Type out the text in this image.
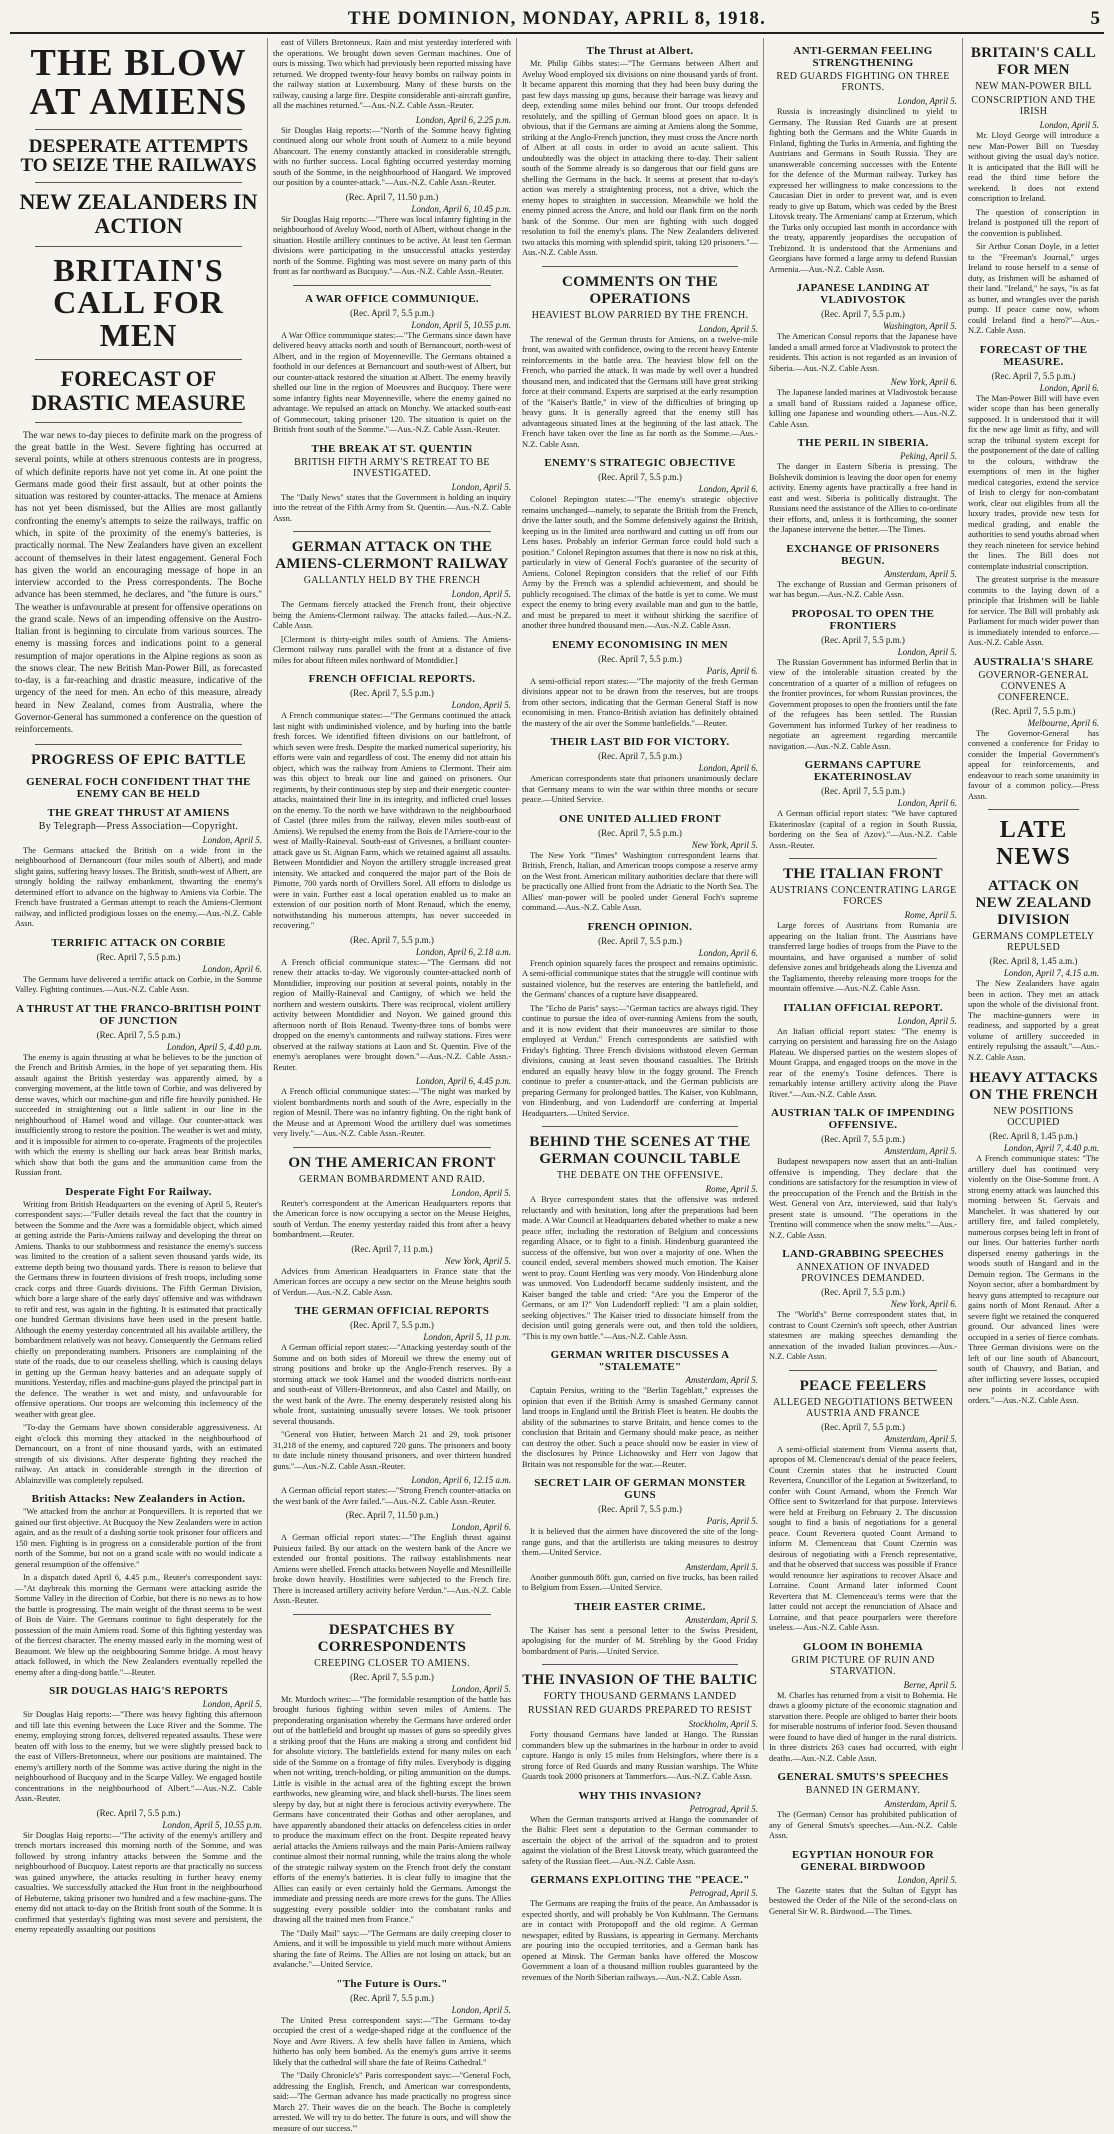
THE DOMINION, MONDAY, APRIL 8, 1918.	5
THE BLOW AT AMIENS
DESPERATE ATTEMPTS TO SEIZE THE RAILWAYS
NEW ZEALANDERS IN ACTION
BRITAIN'S CALL FOR MEN
FORECAST OF DRASTIC MEASURE

The war news to-day pieces to definite mark on the progress of the great battle in the West. Severe fighting has occurred at several points, while at others strenuous contests are in progress, of which definite reports have not yet come in. At one point the Germans made good their first assault, but at other points the situation was restored by counter-attacks. The menace at Amiens has not yet been dismissed, but the Allies are most gallantly confronting the enemy's attempts to seize the railways, traffic on which, in spite of the proximity of the enemy's batteries, is practically normal. The New Zealanders have given an excellent account of themselves in their latest engagement. General Foch has given the world an encouraging message of hope in an interview accorded to the Press correspondents. The Boche advance has been stemmed, he declares, and "the future is ours." The weather is unfavourable at present for offensive operations on the grand scale. News of an impending offensive on the Austro-Italian front is beginning to circulate from various sources. The enemy is massing forces and indications point to a general resumption of major operations in the Alpine regions as soon as the snows clear. The new British Man-Power Bill, as forecasted to-day, is a far-reaching and drastic measure, indicative of the urgency of the need for men. An echo of this measure, already heard in New Zealand, comes from Australia, where the Governor-General has summoned a conference on the question of reinforcements.

PROGRESS OF EPIC BATTLE
GENERAL FOCH CONFIDENT THAT THE ENEMY CAN BE HELD
THE GREAT THRUST AT AMIENS
By Telegraph—Press Association—Copyright.
London, April 5.

The Germans attacked the British on a wide front in the neighbourhood of Dernancourt (four miles south of Albert), and made slight gains, suffering heavy losses. The British, south-west of Albert, are strongly holding the railway embankment, thwarting the enemy's determined effort to advance on the highway to Amiens via Corbie. The French have frustrated a German attempt to reach the Amiens-Clermont railway, and inflicted prodigious losses on the enemy.—Aus.-N.Z. Cable Assn.

TERRIFIC ATTACK ON CORBIE
(Rec. April 7, 5.5 p.m.)
London, April 6.

The Germans have delivered a terrific attack on Corbie, in the Somme Valley. Fighting continues.—Aus.-N.Z. Cable Assn.

A THRUST AT THE FRANCO-BRITISH POINT OF JUNCTION
(Rec. April 7, 5.5 p.m.)
London, April 5, 4.40 p.m.

The enemy is again thrusting at what he believes to be the junction of the French and British Armies, in the hope of yet separating them. His assault against the British yesterday was apparently aimed, by a converging movement, at the little town of Corbie, and was delivered by dense waves, which our machine-gun and rifle fire heavily punished. He succeeded in straightening out a little salient in our line in the neighbourhood of Hamel wood and village. Our counter-attack was insufficiently strong to restore the position. The weather is wet and misty, and it is impossible for airmen to co-operate. Fragments of the projectiles with which the enemy is shelling our back areas bear British marks, which show that both the guns and the ammunition came from the Russian front.

Desperate Fight For Railway.

Writing from British Headquarters on the evening of April 5, Reuter's correspondent says:—"Fuller details reveal the fact that the country in between the Somme and the Avre was a formidable object, which aimed at getting astride the Paris-Amiens railway and developing the threat on Amiens. Thanks to our stubbornness and resistance the enemy's success was limited to the creation of a salient seven thousand yards wide, its extreme depth being two thousand yards. There is reason to believe that the Germans threw in fourteen divisions of fresh troops, including some crack corps and three Guards divisions. The Fifth German Division, which bore a large share of the early days' offensive and was withdrawn to refit and rest, was again in the fighting. It is estimated that practically one hundred German divisions have been used in the present battle. Although the enemy yesterday concentrated all his available artillery, the bombardment relatively was not heavy. Consequently the Germans relied chiefly on preponderating numbers. Prisoners are complaining of the state of the roads, due to our ceaseless shelling, which is causing delays in getting up the German heavy batteries and an adequate supply of munitions. Yesterday, rifles and machine-guns played the principal part in the defence. The weather is wet and misty, and unfavourable for offensive operations. Our troops are welcoming this inclemency of the weather with great glee.

"To-day the Germans have shown considerable aggressiveness. At eight o'clock this morning they attacked in the neighbourhood of Dernancourt, on a front of nine thousand yards, with an estimated strength of six divisions. After desperate fighting they reached the railway. An attack in considerable strength in the direction of Ablainzville was completely repulsed.

British Attacks: New Zealanders in Action.

"We attacked from the anchor at Ponquevillers. It is reported that we gained our first objective. At Bucquoy the New Zealanders were in action again, and as the result of a dashing sortie took prisoner four officers and 150 men. Fighting is in progress on a considerable portion of the front north of the Somme, but not on a grand scale with no would indicate a general resumption of the offensive."

In a dispatch dated April 6, 4.45 p.m., Reuter's correspondent says:—"At daybreak this morning the Germans were attacking astride the Somme Valley in the direction of Corbie, but there is no news as to how the battle is progressing. The main weight of the thrust seems to be west of Bois de Vaire. The Germans continue to fight desperately for the possession of the main Amiens road. Some of this fighting yesterday was of the fiercest character. The enemy massed early in the morning west of Beaumont. We blew up the neighbouring Somme bridge. A most heavy attack followed, in which the New Zealanders eventually repelled the enemy after a ding-dong battle."—Reuter.

SIR DOUGLAS HAIG'S REPORTS
London, April 5.

Sir Douglas Haig reports:—"There was heavy fighting this afternoon and till late this evening between the Luce River and the Somme. The enemy, employing strong forces, delivered repeated assaults. These were beaten off with loss to the enemy, but we were slightly pressed back to the east of Villers-Bretonneux, where our positions are maintained. The enemy's artillery north of the Somme was active during the night in the neighbourhood of Bucquoy and in the Scarpe Valley. We engaged hostile concentrations in the neighbourhood of Albert."—Aus.-N.Z. Cable Assn.-Reuter.

(Rec. April 7, 5.5 p.m.)
London, April 5, 10.55 p.m.

Sir Douglas Haig reports:—"The activity of the enemy's artillery and trench mortars increased this morning north of the Somme, and was followed by strong infantry attacks between the Somme and the neighbourhood of Bucquoy. Latest reports are that practically no success was gained anywhere, the attacks resulting in further heavy enemy casualties. We successfully attacked the Hun front in the neighbourhood of Hebuterne, taking prisoner two hundred and a few machine-guns. The enemy did not attack to-day on the British front south of the Somme. It is confirmed that yesterday's fighting was most severe and persistent, the enemy repeatedly assaulting our positions

east of Villers Bretonneux. Rain and mist yesterday interfered with the operations. We brought down seven German machines. One of ours is missing. Two which had previously been reported missing have returned. We dropped twenty-four heavy bombs on railway points in the railway station at Luxembourg. Many of these bursts on the railway, causing a large fire. Despite considerable anti-aircraft gunfire, all the machines returned."—Aus.-N.Z. Cable Assn.-Reuter.

London, April 6, 2.25 p.m.

Sir Douglas Haig reports:—"North of the Somme heavy fighting continued along our whole front south of Aumetz to a mile beyond Abancourt. The enemy constantly attacked in considerable strength, with no further success. Local fighting occurred yesterday morning south of the Somme, in the neighbourhood of Hangard. We improved our position by a counter-attack."—Aus.-N.Z. Cable Assn.-Reuter.

(Rec. April 7, 11.50 p.m.)
London, April 6, 10.45 p.m.

Sir Douglas Haig reports:—"There was local infantry fighting in the neighbourhood of Aveluy Wood, north of Albert, without change in the situation. Hostile artillery continues to be active. At least ten German divisions were participating in the unsuccessful attacks yesterday north of the Somme. Fighting was most severe on many parts of this front as far northward as Bucquoy."—Aus.-N.Z. Cable Assn.-Reuter.

A WAR OFFICE COMMUNIQUE.
(Rec. April 7, 5.5 p.m.)
London, April 5, 10.55 p.m.

A War Office communique states:—"The Germans since dawn have delivered heavy attacks north and south of Bernancourt, north-west of Albert, and in the region of Moyenneville. The Germans obtained a foothold in our defences at Bernancourt and south-west of Albert, but our counter-attack restored the situation at Albert. The enemy heavily shelled our line in the region of Moeuvres and Bucquoy. There were some infantry fights near Moyenneville, where the enemy gained no advantage. We repulsed an attack on Monchy. We attacked south-east of Gommecourt, taking prisoner 120. The situation is quiet on the British front south of the Somme."—Aus.-N.Z. Cable Assn.-Reuter.

THE BREAK AT ST. QUENTIN
BRITISH FIFTH ARMY'S RETREAT TO BE INVESTIGATED.
London, April 5.

The "Daily News" states that the Government is holding an inquiry into the retreat of the Fifth Army from St. Quentin.—Aus.-N.Z. Cable Assn.

GERMAN ATTACK ON THE AMIENS-CLERMONT RAILWAY
GALLANTLY HELD BY THE FRENCH
London, April 5.

The Germans fiercely attacked the French front, their objective being the Amiens-Clermont railway. The attacks failed.—Aus.-N.Z. Cable Assn.

[Clermont is thirty-eight miles south of Amiens. The Amiens-Clermont railway runs parallel with the front at a distance of five miles for about fifteen miles northward of Montdidier.]

FRENCH OFFICIAL REPORTS.
(Rec. April 7, 5.5 p.m.)
London, April 5.

A French communique states:—"The Germans continued the attack last night with undiminished violence, and by hurling into the battle fresh forces. We identified fifteen divisions on our battlefront, of which seven were fresh. Despite the marked numerical superiority, his efforts were vain and regardless of cost. The enemy did not attain his object, which was the railway from Amiens to Clermont. Their aim was this object to break our line and gained on prisoners. Our regiments, by their continuous step by step and their energetic counter-attacks, maintained their line in its integrity, and inflicted cruel losses on the enemy. To the north we have withdrawn to the neighbourhood of Castel (three miles from the railway, eleven miles south-east of Amiens). We repulsed the enemy from the Bois de l'Arriere-cour to the west of Mailly-Raineval. South-east of Grivesnes, a brilliant counter-attack gave us St. Aignan Farm, which we retained against all assaults. Between Montdidier and Noyon the artillery struggle increased great intensity. We attacked and conquered the major part of the Bois de Pimotte, 700 yards north of Orvillers Sorel. All efforts to dislodge us were in vain. Further east a local operation enabled us to make an extension of our position north of Mont Renaud, which the enemy, notwithstanding his numerous attempts, has never succeeded in recovering."

(Rec. April 7, 5.5 p.m.)
London, April 6, 2.18 a.m.

A French official communique states:—"The Germans did not renew their attacks to-day. We vigorously counter-attacked north of Montdidier, improving our position at several points, notably in the region of Mailly-Raineval and Cantigny, of which we held the northern and western outskirts. There was reciprocal, violent artillery activity between Montdidier and Noyon. We gained ground this afternoon north of Bois Renaud. Twenty-three tons of bombs were dropped on the enemy's cantonments and railway stations. Fires were observed at the railway stations at Laon and St. Quentin. Five of the enemy's aeroplanes were brought down."—Aus.-N.Z. Cable Assn.-Reuter.

London, April 6, 4.45 p.m.

A French official communique states:—"The night was marked by violent bombardments north and south of the Avre, especially in the region of Mesnil. There was no infantry fighting. On the right bank of the Meuse and at Apremont Wood the artillery duel was sometimes very lively."—Aus.-N.Z. Cable Assn.-Reuter.

ON THE AMERICAN FRONT
GERMAN BOMBARDMENT AND RAID.
London, April 5.

Reuter's correspondent at the American Headquarters reports that the American force is now occupying a sector on the Meuse Heights, south of Verdun. The enemy yesterday raided this front after a heavy bombardment.—Reuter.

(Rec. April 7, 11 p.m.)
New York, April 5.

Advices from American Headquarters in France state that the American forces are occupy a new sector on the Meuse heights south of Verdun.—Aus.-N.Z. Cable Assn.

THE GERMAN OFFICIAL REPORTS
(Rec. April 7, 5.5 p.m.)
London, April 5, 11 p.m.

A German official report states:—"Attacking yesterday south of the Somme and on both sides of Moreuil we threw the enemy out of strong positions and broke up the Anglo-French reserves. By a storming attack we took Hamel and the wooded districts north-east and south-east of Villers-Bretonneux, and also Castel and Mailly, on the west bank of the Avre. The enemy desperately resisted along his whole front, sustaining unusually severe losses. We took prisoner several thousands.

"General von Hutier, between March 21 and 29, took prisoner 31,218 of the enemy, and captured 720 guns. The prisoners and booty to date include ninety thousand prisoners, and over thirteen hundred guns."—Aus.-N.Z. Cable Assn.-Reuter.

London, April 6, 12.15 a.m.

A German official report states:—"Strong French counter-attacks on the west bank of the Avre failed."—Aus.-N.Z. Cable Assn.-Reuter.

(Rec. April 7, 11.50 p.m.)
London, April 6.

A German official report states:—"The English thrust against Puisieux failed. By our attack on the western bank of the Ancre we extended our frontal positions. The railway establishments near Amiens were shelled. French attacks between Noyelle and Mesnilleille broke down heavily. Hostilities were subjected to the French fire. There is increased artillery activity before Verdun."—Aus.-N.Z. Cable Assn.-Reuter.

DESPATCHES BY CORRESPONDENTS
CREEPING CLOSER TO AMIENS.
(Rec. April 7, 5.5 p.m.)
London, April 5.

Mr. Murdoch writes:—"The formidable resumption of the battle has brought furious fighting within seven miles of Amiens. The preponderating organisation whereby the Germans have ordered order out of the battlefield and brought up masses of guns so speedily gives a striking proof that the Huns are making a strong and confident bid for absolute victory. The battlefields extend for many miles on each side of the Somme on a frontage of fifty miles. Everybody is digging when not writing, trench-holding, or piling ammunition on the dumps. Little is visible in the actual area of the fighting except the brown earthworks, new gleaming wire, and black shell-bursts. The lines seem sleepy by day, but at night there is ferocious activity everywhere. The Germans have concentrated their Gothas and other aeroplanes, and have apparently abandoned their attacks on defenceless cities in order to produce the maximum effect on the front. Despite repeated heavy aerial attacks the Amiens railways and the main Paris-Amiens railway continue almost their normal running, while the trains along the whole of the strategic railway system on the French front defy the constant efforts of the enemy's batteries. It is clear fully to imagine that the Allies can easily or even certainly hold the Germans. Amongst the immediate and pressing needs are more crews for the guns. The Allies suggesting every possible soldier into the combatant ranks and drawing all the trained men from France."

The "Daily Mail" says:—"The Germans are daily creeping closer to Amiens, and it will be impossible to yield much more without Amiens sharing the fate of Reims. The Allies are not losing on attack, but an avalanche."—United Service.

"The Future is Ours."
(Rec. April 7, 5.5 p.m.)
London, April 5.

The United Press correspondent says:—"The Germans to-day occupied the crest of a wedge-shaped ridge at the confluence of the Noye and Avre Rivers. A few shells have fallen in Amiens, which hitherto has only been bombed. As the enemy's guns arrive it seems likely that the cathedral will share the fate of Reims Cathedral."

The "Daily Chronicle's" Paris correspondent says:—"General Foch, addressing the English, French, and American war correspondents, said:—'The German advance has made practically no progress since March 27. Their waves die on the beach. The Boche is completely arrested. We will try to do better. The future is ours, and will show the measure of our success.'"

The Thrust at Albert.

Mr. Philip Gibbs states:—"The Germans between Albert and Aveluy Wood employed six divisions on nine thousand yards of front. It became apparent this morning that they had been busy during the past few days massing up guns, because their barrage was heavy and deep, extending some miles behind our front. Our troops defended resolutely, and the spilling of German blood goes on apace. It is obvious, that if the Germans are aiming at Amiens along the Somme, striking at the Anglo-French junction, they must cross the Ancre north of Albert at all costs in order to avoid an acute salient. This undoubtedly was the object in attacking there to-day. Their salient south of the Somme already is so dangerous that our field guns are shelling the Germans in the back. It seems at present that to-day's action was merely a straightening process, not a drive, which the enemy hopes to straighten in succession. Meanwhile we hold the enemy pinned across the Ancre, and hold our flank firm on the north bank of the Somme. Our men are fighting with such dogged resolution to foil the enemy's plans. The New Zealanders delivered two attacks this morning with splendid spirit, taking 120 prisoners."—Aus.-N.Z. Cable Assn.

COMMENTS ON THE OPERATIONS
HEAVIEST BLOW PARRIED BY THE FRENCH.
London, April 5.

The renewal of the German thrusts for Amiens, on a twelve-mile front, was awaited with confidence, owing to the recent heavy Entente reinforcements in the battle area. The heaviest blow fell on the French, who parried the attack. It was made by well over a hundred thousand men, and indicated that the Germans still have great striking force at their command. Experts are surprised at the early resumption of the "Kaiser's Battle," in view of the difficulties of bringing up heavy guns. It is generally agreed that the enemy still has advantageous situated lines at the beginning of the last attack. The French have taken over the line as far north as the Somme.—Aus.-N.Z. Cable Assn.

ENEMY'S STRATEGIC OBJECTIVE
(Rec. April 7, 5.5 p.m.)
London, April 6.

Colonel Repington states:—"The enemy's strategic objective remains unchanged—namely, to separate the British from the French, drive the latter south, and the Somme defensively against the British, keeping us in the limited area northward and cutting us off from our Lens bases. Probably an inferior German force could hold such a position." Colonel Repington assumes that there is now no risk at this, particularly in view of General Foch's guarantee of the security of Amiens. Colonel Repington considers that the relief of our Fifth Army by the French was a splendid achievement, and should be publicly recognised. The climax of the battle is yet to come. We must expect the enemy to bring every available man and gun to the battle, and must be prepared to meet it without shirking the sacrifice of another three hundred thousand men.—Aus.-N.Z. Cable Assn.

ENEMY ECONOMISING IN MEN
(Rec. April 7, 5.5 p.m.)
Paris, April 6.

A semi-official report states:—"The majority of the fresh German divisions appear not to be drawn from the reserves, but are troops from other sectors, indicating that the German General Staff is now economising in men. Franco-British aviation has definitely obtained the mastery of the air over the Somme battlefields."—Reuter.

THEIR LAST BID FOR VICTORY.
(Rec. April 7, 5.5 p.m.)
London, April 6.

American correspondents state that prisoners unanimously declare that Germany means to win the war within three months or secure peace.—United Service.

ONE UNITED ALLIED FRONT
(Rec. April 7, 5.5 p.m.)
New York, April 5.

The New York "Times" Washington correspondent learns that British, French, Italian, and American troops compose a reserve army on the West front. American military authorities declare that there will be practically one Allied front from the Adriatic to the North Sea. The Allies' man-power will be pooled under General Foch's supreme command.—Aus.-N.Z. Cable Assn.

FRENCH OPINION.
(Rec. April 7, 5.5 p.m.)
London, April 6.

French opinion squarely faces the prospect and remains optimistic. A semi-official communique states that the struggle will continue with sustained violence, but the reserves are entering the battlefield, and the Germans' chances of a rupture have disappeared.

The "Echo de Paris" says:—"German tactics are always rigid. They continue to pursue the idea of over-running Amiens from the south, and it is now evident that their manoeuvres are similar to those employed at Verdun." French correspondents are satisfied with Friday's fighting. Three French divisions withstood eleven German divisions, causing at least seven thousand casualties. The British endured an equally heavy blow in the foggy ground. The French continue to prefer a counter-attack, and the German publicists are preparing Germany for prolonged battles. The Kaiser, von Kuhlmann, von Hindenburg, and von Ludendorff are conferring at Imperial Headquarters.—United Service.

BEHIND THE SCENES AT THE GERMAN COUNCIL TABLE
THE DEBATE ON THE OFFENSIVE.
Rome, April 5.

A Bryce correspondent states that the offensive was ordered reluctantly and with hesitation, long after the preparations had been made. A War Council at Headquarters debated whether to make a new peace offer, including the restoration of Belgium and concessions regarding Alsace, or to fight to a finish. Hindenburg guaranteed the success of the offensive, but won over a majority of one. When the council ended, several members showed much emotion. The Kaiser went to pray. Count Hertling was very moody. Von Hindenburg alone was unmoved. Von Ludendorff became suddenly insistent, and the Kaiser banged the table and cried: "Are you the Emperor of the Germans, or am I?" Von Ludendorff replied: "I am a plain soldier, seeking objectives." The Kaiser tried to dissociate himself from the decision until going generals were out, and then told the soldiers, "This is my own battle."—Aus.-N.Z. Cable Assn.

GERMAN WRITER DISCUSSES A "STALEMATE"
Amsterdam, April 5.

Captain Persius, writing to the "Berlin Tageblatt," expresses the opinion that even if the British Army is smashed Germany cannot land troops in England until the British Fleet is beaten. He doubts the ability of the submarines to starve Britain, and hence comes to the conclusion that Britain and Germany should make peace, as neither can destroy the other. Such a peace should now be easier in view of the disclosures by Prince Lichnowsky and Herr von Jagow that Britain was not responsible for the war.—Reuter.

SECRET LAIR OF GERMAN MONSTER GUNS
(Rec. April 7, 5.5 p.m.)
Paris, April 5.

It is believed that the airmen have discovered the site of the long-range guns, and that the artillerists are taking measures to destroy them.—United Service.

Amsterdam, April 5.

Another gunmouth 80ft. gun, carried on five trucks, has been railed to Belgium from Essen.—United Service.

THEIR EASTER CRIME.
Amsterdam, April 5.

The Kaiser has sent a personal letter to the Swiss President, apologising for the murder of M. Strebling by the Good Friday bombardment of Paris.—United Service.

THE INVASION OF THE BALTIC
FORTY THOUSAND GERMANS LANDED
RUSSIAN RED GUARDS PREPARED TO RESIST
Stockholm, April 5.

Forty thousand Germans have landed at Hango. The Russian commanders blew up the submarines in the harbour in order to avoid capture. Hango is only 15 miles from Helsingfors, where there is a strong force of Red Guards and many Russian warships. The White Guards took 2000 prisoners at Tammerfors.—Aus.-N.Z. Cable Assn.

WHY THIS INVASION?
Petrograd, April 5.

When the German transports arrived at Hango the commander of the Baltic Fleet sent a deputation to the German commander to ascertain the object of the arrival of the squadron and to protest against the violation of the Brest Litovsk treaty, which guaranteed the safety of the Russian fleet.—Aus.-N.Z. Cable Assn.

GERMANS EXPLOITING THE "PEACE."
Petrograd, April 5.

The Germans are reaping the fruits of the peace. An Ambassador is expected shortly, and will probably be Von Kuhlmann. The Germans are in contact with Protopopoff and the old regime. A German newspaper, edited by Russians, is appearing in Germany. Merchants are pouring into the occupied territories, and a German bank has opened at Minsk. The German banks have offered the Moscow Government a loan of a thousand million roubles guaranteed by the revenues of the North Siberian railways.—Aus.-N.Z. Cable Assn.

ANTI-GERMAN FEELING STRENGTHENING
RED GUARDS FIGHTING ON THREE FRONTS.
London, April 5.

Russia is increasingly disinclined to yield to Germany. The Russian Red Guards are at present fighting both the Germans and the White Guards in Finland, fighting the Turks in Armenia, and fighting the Austrians and Germans in South Russia. They are unanswerable concerning successes with the Entente for the defence of the Murman railway. Turkey has expressed her willingness to make concessions to the Caucasian Diet in order to prevent war, and is even ready to give up Batum, which was ceded by the Brest Litovsk treaty. The Armenians' camp at Erzerum, which the Turks only occupied last month in accordance with the treaty, apparently jeopardises the occupation of Trebizond. It is understood that the Armenians and Georgians have formed a large army to defend Russian Armenia.—Aus.-N.Z. Cable Assn.

JAPANESE LANDING AT VLADIVOSTOK
(Rec. April 7, 5.5 p.m.)
Washington, April 5.

The American Consul reports that the Japanese have landed a small armed force at Vladivostok to protect the residents. This action is not regarded as an invasion of Siberia.—Aus.-N.Z. Cable Assn.

New York, April 6.

The Japanese landed marines at Vladivostok because a small band of Russians raided a Japanese office, killing one Japanese and wounding others.—Aus.-N.Z. Cable Assn.

THE PERIL IN SIBERIA.
Peking, April 5.

The danger in Eastern Siberia is pressing. The Bolshevik dominion is leaving the door open for enemy activity. Enemy agents have practically a free hand in east and west. Siberia is politically distraught. The Russians need the assistance of the Allies to co-ordinate their efforts, and, unless it is forthcoming, the sooner the Japanese intervene the better.—The Times.

EXCHANGE OF PRISONERS BEGUN.
Amsterdam, April 5.

The exchange of Russian and German prisoners of war has begun.—Aus.-N.Z. Cable Assn.

PROPOSAL TO OPEN THE FRONTIERS
(Rec. April 7, 5.5 p.m.)
London, April 5.

The Russian Government has informed Berlin that in view of the intolerable situation created by the concentration of a quarter of a million of refugees on the frontier provinces, for whom Russian provinces, the Government proposes to open the frontiers until the fate of the refugees has been settled. The Russian Government has informed Turkey of her readiness to negotiate an agreement regarding mercantile navigation.—Aus.-N.Z. Cable Assn.

GERMANS CAPTURE EKATERINOSLAV
(Rec. April 7, 5.5 p.m.)
London, April 6.

A German official report states: "We have captured Ekaterinoslav (capital of a region in South Russia, bordering on the Sea of Azov)."—Aus.-N.Z. Cable Assn.-Reuter.

THE ITALIAN FRONT
AUSTRIANS CONCENTRATING LARGE FORCES
Rome, April 5.

Large forces of Austrians from Rumania are appearing on the Italian front. The Austrians have transferred large bodies of troops from the Piave to the mountains, and have organised a number of solid defensive zones and bridgeheads along the Livenza and the Tagliamento, thereby releasing more troops for the mountain offensive.—Aus.-N.Z. Cable Assn.

ITALIAN OFFICIAL REPORT.
London, April 5.

An Italian official report states: "The enemy is carrying on persistent and harassing fire on the Asiago Plateau. We dispersed parties on the western slopes of Mount Grappa, and engaged troops on the move in the rear of the enemy's Tosine defences. There is remarkably intense artillery activity along the Piave River."—Aus.-N.Z. Cable Assn.

AUSTRIAN TALK OF IMPENDING OFFENSIVE.
(Rec. April 7, 5.5 p.m.)
Amsterdam, April 5.

Budapest newspapers now assert that an anti-Italian offensive is impending. They declare that the conditions are satisfactory for the resumption in view of the preoccupation of the French and the British in the West. General von Arz, interviewed, said that Italy's present state is unsound. "The operations in the Trentino will commence when the snow melts."—Aus.-N.Z. Cable Assn.

LAND-GRABBING SPEECHES
ANNEXATION OF INVADED PROVINCES DEMANDED.
(Rec. April 7, 5.5 p.m.)
New York, April 6.

The "World's" Berne correspondent states that, in contrast to Count Czernin's soft speech, other Austrian statesmen are making speeches demanding the annexation of the invaded Italian provinces.—Aus.-N.Z. Cable Assn.

PEACE FEELERS
ALLEGED NEGOTIATIONS BETWEEN AUSTRIA AND FRANCE
(Rec. April 7, 5.5 p.m.)
Amsterdam, April 5.

A semi-official statement from Vienna asserts that, apropos of M. Clemenceau's denial of the peace feelers, Count Czernin states that he instructed Count Revertera, Councillor of the Legation at Switzerland, to confer with Count Armand, whom the French War Office sent to Switzerland for that purpose. Interviews were held at Freiburg on February 2. The discussion sought to find a basis of negotiations for a general peace. Count Revertera quoted Count Armand to inform M. Clemenceau that Count Czernin was desirous of negotiating with a French representative, and that he observed that success was possible if France would renounce her aspirations to recover Alsace and Lorraine. Count Armand later informed Count Revertera that M. Clemenceau's terms were that the latter could not accept the renunciation of Alsace and Lorraine, and that peace pourparlers were therefore useless.—Aus.-N.Z. Cable Assn.

GLOOM IN BOHEMIA
GRIM PICTURE OF RUIN AND STARVATION.
Berne, April 5.

M. Charles has returned from a visit to Bohemia. He draws a gloomy picture of the economic stagnation and starvation there. People are obliged to barter their boots for miserable nostrums of inferior food. Seven thousand were found to have died of hunger in the rural districts. In three districts 263 cases had occurred, with eight deaths.—Aus.-N.Z. Cable Assn.

GENERAL SMUTS'S SPEECHES
BANNED IN GERMANY.
Amsterdam, April 5.

The (German) Censor has prohibited publication of any of General Smuts's speeches.—Aus.-N.Z. Cable Assn.

EGYPTIAN HONOUR FOR GENERAL BIRDWOOD
London, April 5.

The Gazette states that the Sultan of Egypt has bestowed the Order of the Nile of the second-class on General Sir W. R. Birdwood.—The Times.

BRITAIN'S CALL FOR MEN
NEW MAN-POWER BILL
CONSCRIPTION AND THE IRISH
London, April 5.

Mr. Lloyd George will introduce a new Man-Power Bill on Tuesday without giving the usual day's notice. It is anticipated that the Bill will be read the third time before the weekend. It does not extend conscription to Ireland.

The question of conscription in Ireland is postponed till the report of the convention is published.

Sir Arthur Conan Doyle, in a letter to the "Freeman's Journal," urges Ireland to rouse herself to a sense of duty, as Irishmen will be ashamed of their land. "Ireland," he says, "is as fat as butter, and wrangles over the parish pump. If peace came now, whom could Ireland find a hero?"—Aus.-N.Z. Cable Assn.

FORECAST OF THE MEASURE.
(Rec. April 7, 5.5 p.m.)
London, April 6.

The Man-Power Bill will have even wider scope than has been generally supposed. It is understood that it will fix the new age limit as fifty, and will scrap the tribunal system except for the postponement of the date of calling to the colours, withdraw the exemptions of men in the higher medical categories, extend the service of Irish to clergy for non-combatant work, clear out eligibles from all the luxury trades, provide new tests for medical grading, and enable the authorities to send youths abroad when they reach nineteen for service behind the lines. The Bill does not contemplate industrial conscription.

The greatest surprise is the measure commits to the laying down of a principle that Irishmen will be liable for service. The Bill will probably ask Parliament for much wider power than is immediately intended to enforce.—Aus.-N.Z. Cable Assn.

AUSTRALIA'S SHARE
GOVERNOR-GENERAL CONVENES A CONFERENCE.
(Rec. April 7, 5.5 p.m.)
Melbourne, April 6.

The Governor-General has convened a conference for Friday to consider the Imperial Government's appeal for reinforcements, and endeavour to reach some unanimity in favour of a common policy.—Press Assn.

LATE NEWS
ATTACK ON NEW ZEALAND DIVISION
GERMANS COMPLETELY REPULSED
(Rec. April 8, 1.45 a.m.)
London, April 7, 4.15 a.m.

The New Zealanders have again been in action. They met an attack upon the whole of the divisional front. The machine-gunners were in readiness, and supported by a great volume of artillery succeeded in entirely repulsing the assault."—Aus.-N.Z. Cable Assn.

HEAVY ATTACKS ON THE FRENCH
NEW POSITIONS OCCUPIED
(Rec. April 8, 1.45 p.m.)
London, April 7, 4.40 p.m.

A French communique states: "The artillery duel has continued very violently on the Oise-Somme front. A strong enemy attack was launched this morning between St. Gervais and Manchelet. It was shattered by our artillery fire, and failed completely, numerous corpses being left in front of our lines. Our batteries further north dispersed enemy gatherings in the woods south of Hangard and in the Demuin region. The Germans in the Noyon sector, after a bombardment by heavy guns attempted to recapture our gains north of Mont Renaud. After a severe fight we retained the conquered ground. Our advanced lines were occupied in a series of fierce combats. Three German divisions were on the left of our line south of Abancourt, south of Chauvry, and Batian, and after inflicting severe losses, occupied new points in accordance with orders."—Aus.-N.Z. Cable Assn.
